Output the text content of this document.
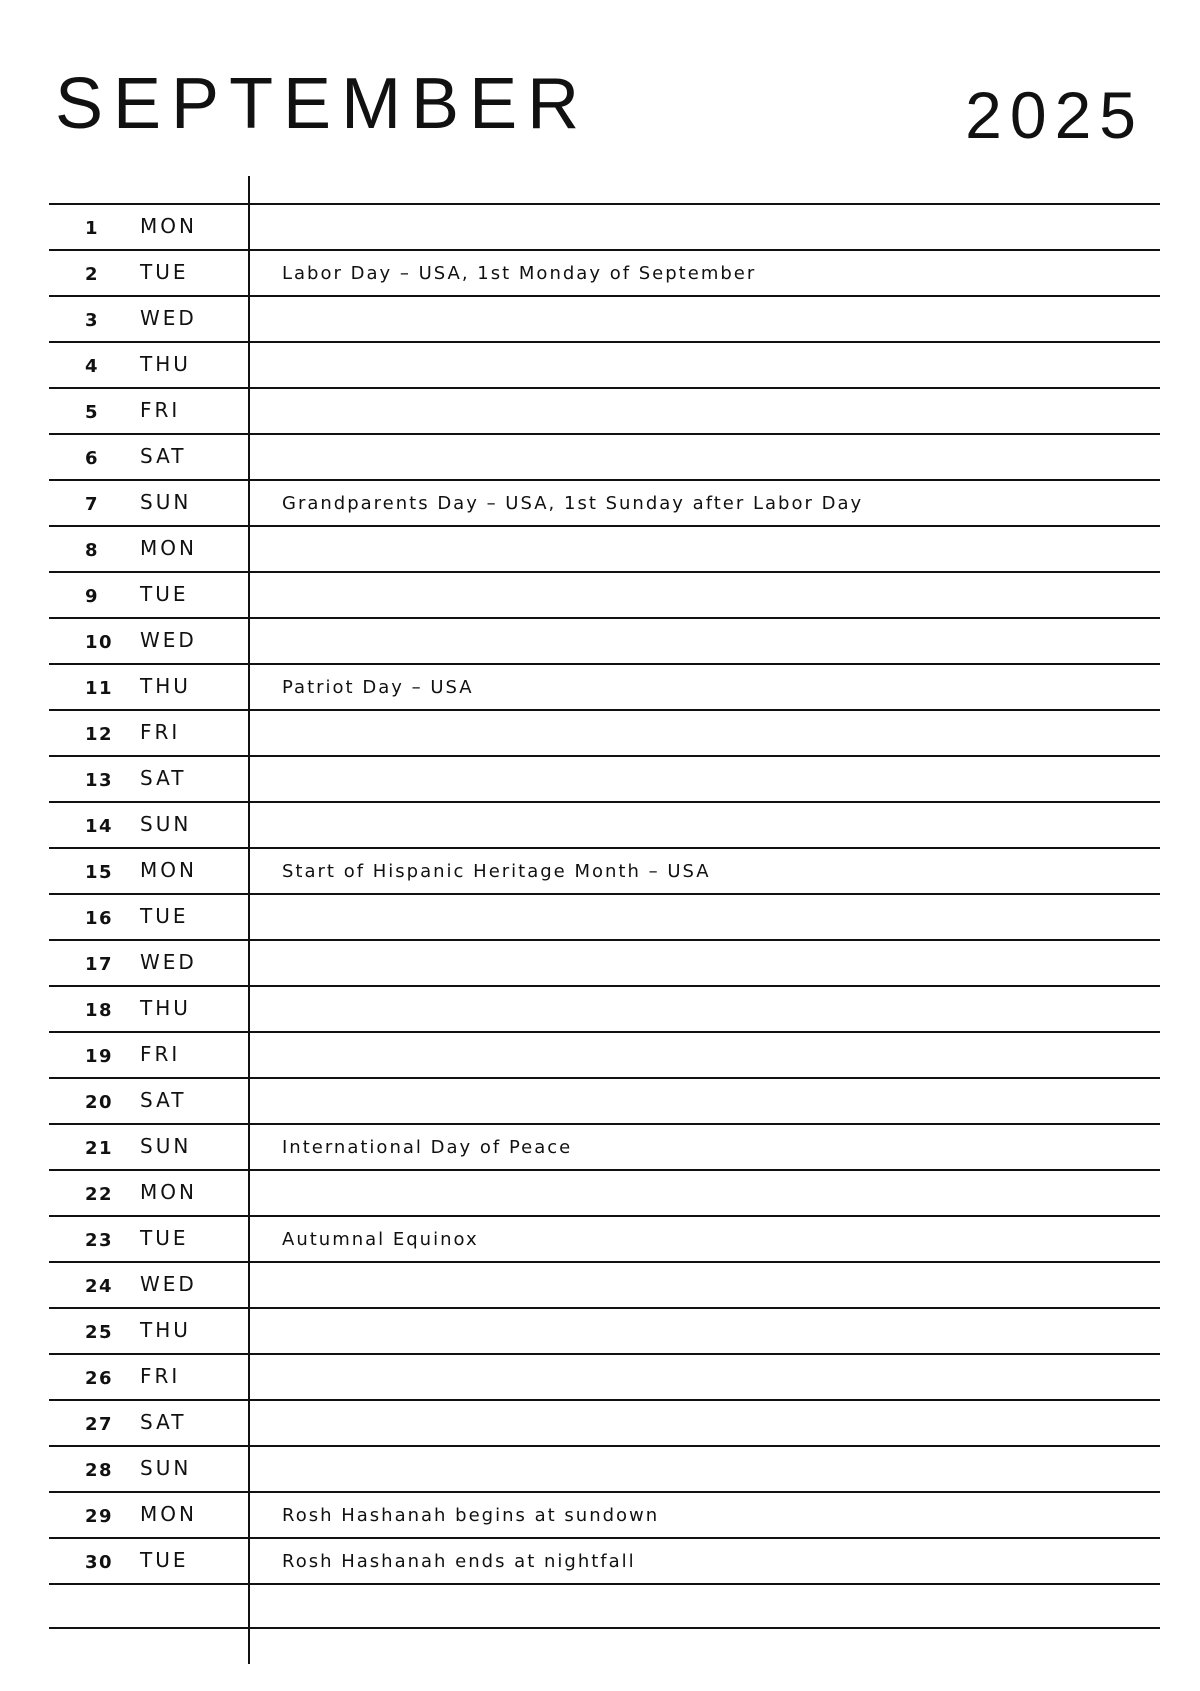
SEPTEMBER	2025
1 MON
2 TUE	Labor Day – USA, 1st Monday of September
3 WED
4 THU
5 FRI
6 SAT
7 SUN	Grandparents Day – USA, 1st Sunday after Labor Day
8 MON
9 TUE
10 WED
11 THU	Patriot Day – USA
12 FRI
13 SAT
14 SUN
15 MON	Start of Hispanic Heritage Month – USA
16 TUE
17 WED
18 THU
19 FRI
20 SAT
21 SUN	International Day of Peace
22 MON
23 TUE	Autumnal Equinox
24 WED
25 THU
26 FRI
27 SAT
28 SUN
29 MON	Rosh Hashanah begins at sundown
30 TUE	Rosh Hashanah ends at nightfall
